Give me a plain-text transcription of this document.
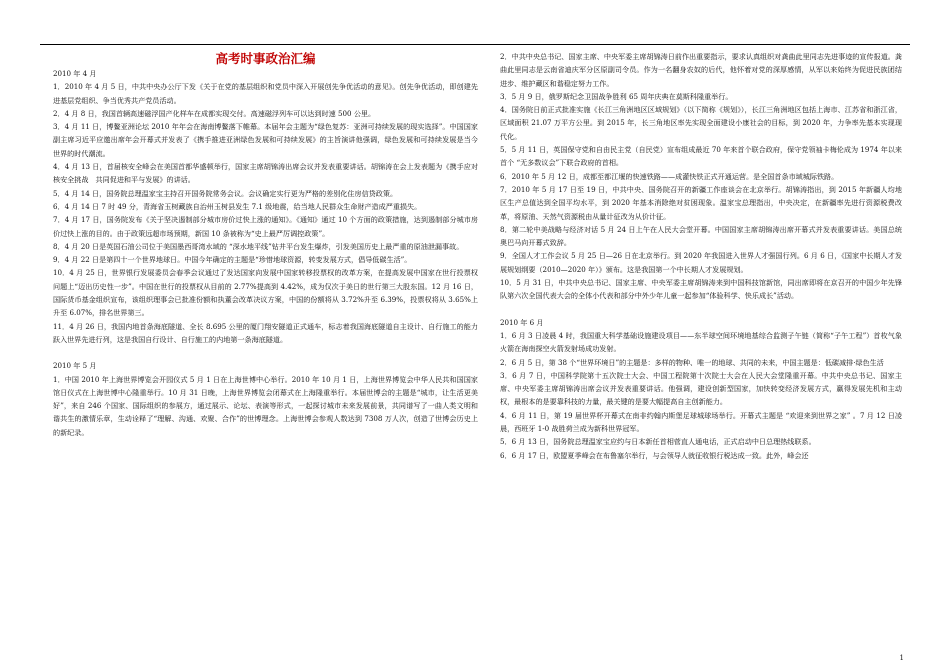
高考时事政治汇编
2010 年 4 月

1．2010 年 4 月 5 日，中共中央办公厅下发《关于在党的基层组织和党员中深入开展创先争优活动的意见》。创先争优活动，即创建先进基层党组织、争当优秀共产党员活动。

2．4 月 8 日，我国首辆高速磁浮国产化样车在成都实现交付。高速磁浮列车可以达到时速 500 公里。

3．4 月 11 日，博鳌亚洲论坛 2010 年年会在海南博鳌落下帷幕。本届年会主题为“绿色复苏：亚洲可持续发展的现实选择”。中国国家副主席习近平应邀出席年会开幕式并发表了《携手推进亚洲绿色发展和可持续发展》的主旨演讲他强调，绿色发展和可持续发展是当今世界的时代潮流。

4．4 月 13 日，首届核安全峰会在美国首都华盛顿举行，国家主席胡锦涛出席会议并发表重要讲话。胡锦涛在会上发表题为《携手应对核安全挑战　共同促进和平与发展》的讲话。

5．4 月 14 日，国务院总理温家宝主持召开国务院常务会议。会议确定实行更为严格的差别化住房信贷政策。

6．4 月 14 日 7 时 49 分，青海省玉树藏族自治州玉树县发生 7.1 级地震，给当地人民群众生命财产造成严重损失。

7．4 月 17 日，国务院发布《关于坚决遏制部分城市房价过快上涨的通知》。《通知》通过 10 个方面的政策措施，达到遏制部分城市房价过快上涨的目的。由于政策远超市场预期，新国 10 条被称为“史上最严厉调控政策”。

8．4 月 20 日是英国石油公司位于美国墨西哥湾水域的 “深水地平线”钻井平台发生爆炸，引发美国历史上最严重的原油泄漏事故。

9．4 月 22 日是第四十一个世界地球日。中国今年确定的主题是“珍惜地球资源，转变发展方式，倡导低碳生活”。

10．4 月 25 日，世界银行发展委员会春季会议通过了发达国家向发展中国家转移投票权的改革方案，在提高发展中国家在世行投票权问题上“迈出历史性一步”。中国在世行的投票权从目前的 2.77%提高到 4.42%，成为仅次于美日的世行第三大股东国。12 月 16 日，国际货币基金组织宣布，该组织理事会已批准份额和执董会改革决议方案，中国的份额将从 3.72%升至 6.39%，投票权将从 3.65%上升至 6.07%，排名世界第三。

11．4 月 26 日，我国内地首条海底隧道、全长 8.695 公里的厦门翔安隧道正式通车，标志着我国海底隧道自主设计、自行施工的能力跃入世界先进行列，这是我国自行设计、自行施工的内地第一条海底隧道。

2010 年 5 月

1．中国 2010 年上海世界博览会开园仪式 5 月 1 日在上海世博中心举行。2010 年 10 月 1 日，上海世界博览会中华人民共和国国家馆日仪式在上海世博中心隆重举行。10 月 31 日晚，上海世界博览会闭幕式在上海隆重举行。本届世博会的主题是“城市，让生活更美好”，来自 246 个国家、国际组织的参展方，通过展示、论坛、表演等形式，一起探讨城市未来发展前景，共同谱写了一曲人类文明和谐共生的激情乐章，生动诠释了“理解、沟通、欢聚、合作”的世博理念。上海世博会参观人数达到 7308 万人次，创造了世博会历史上的新纪录。

2．中共中央总书记、国家主席、中央军委主席胡锦涛日前作出重要指示，要求认真组织对龚曲此里同志先进事迹的宣传报道。龚曲此里同志是云南省迪庆军分区原副司令员。作为一名翻身农奴的后代，他怀着对党的深厚感情，从军以来始终为促进民族团结进步、维护藏区和谐稳定努力工作。

3．5 月 9 日，俄罗斯纪念卫国战争胜利 65 周年庆典在莫斯科隆重举行。

4．国务院日前正式批准实施《长江三角洲地区区域规划》（以下简称《规划》），长江三角洲地区包括上海市、江苏省和浙江省，区域面积 21.07 万平方公里。到 2015 年，长三角地区率先实现全面建设小康社会的目标，到 2020 年，力争率先基本实现现代化。

5．5 月 11 日，英国保守党和自由民主党（自民党）宣布组成最近 70 年来首个联合政府，保守党领袖卡梅伦成为 1974 年以来首个 “无多数议会”下联合政府的首相。

6．2010 年 5 月 12 日，成都至都江堰的快速铁路——成灌快铁正式开通运营。是全国首条市域城际铁路。

7．2010 年 5 月 17 日至 19 日，中共中央、国务院召开的新疆工作座谈会在北京举行。胡锦涛指出，到 2015 年新疆人均地区生产总值达到全国平均水平，到 2020 年基本消除绝对贫困现象。温家宝总理指出，中央决定，在新疆率先进行资源税费改革，将原油、天然气资源税由从量计征改为从价计征。

8．第二轮中美战略与经济对话 5 月 24 日上午在人民大会堂开幕。中国国家主席胡锦涛出席开幕式并发表重要讲话。美国总统奥巴马向开幕式致辞。

9．全国人才工作会议 5 月 25 日—26 日在北京举行。到 2020 年我国进入世界人才强国行列。6 月 6 日，《国家中长期人才发展规划纲要（2010—2020 年）》颁布。这是我国第一个中长期人才发展规划。

10．5 月 31 日，中共中央总书记、国家主席、中央军委主席胡锦涛来到中国科技馆新馆，同出席即将在京召开的中国少年先锋队第六次全国代表大会的全体小代表和部分中外少年儿童一起参加“体验科学、快乐成长”活动。

2010 年 6 月

1．6 月 3 日凌晨 4 时，我国重大科学基础设施建设项目——东半球空间环境地基综合监测子午链（简称“子午工程”）首枚气象火箭在海南探空火箭发射场成功发射。

2．6 月 5 日，第 38 个“世界环境日”的主题是：多样的物种、唯一的地球、共同的未来，中国主题是：低碳减排·绿色生活

3．6 月 7 日，中国科学院第十五次院士大会、中国工程院第十次院士大会在人民大会堂隆重开幕。中共中央总书记、国家主席、中央军委主席胡锦涛出席会议并发表重要讲话。他强调，建设创新型国家，加快转变经济发展方式，赢得发展先机和主动权，最根本的是要靠科技的力量，最关键的是要大幅提高自主创新能力。

4．6 月 11 日，第 19 届世界杯开幕式在南非约翰内斯堡足球城球场举行。开幕式主题是 “欢迎来到世界之家” 。7 月 12 日凌晨，西班牙 1-0 战胜荷兰成为新科世界冠军。

5．6 月 13 日，国务院总理温家宝应约与日本新任首相菅直人通电话，正式启动中日总理热线联系。

6．6 月 17 日，欧盟夏季峰会在布鲁塞尔举行，与会领导人就征收银行税达成一致。此外，峰会还

1
